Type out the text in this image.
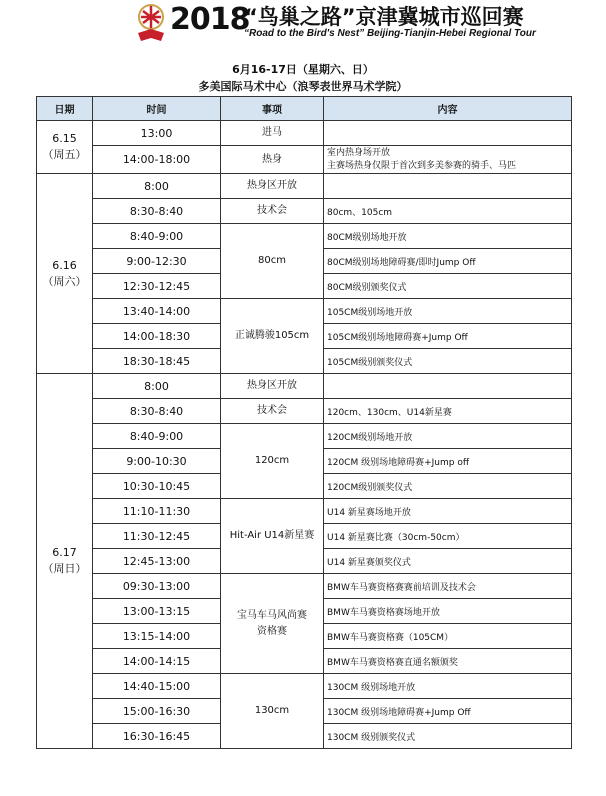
2018
“鸟巢之路”京津冀城市巡回赛
“Road to the Bird's Nest” Beijing-Tianjin-Hebei Regional Tour
6月16-17日（星期六、日）
多美国际马术中心（浪琴表世界马术学院）
日期	时间	事项	内容

6.15
（周五）	13:00	进马	
	14:00-18:00	热身	室内热身场开放
主赛场热身仅限于首次到多美参赛的骑手、马匹

6.16
（周六）	8:00	热身区开放	
	8:30-8:40	技术会	80cm、105cm
	8:40-9:00	80cm	80CM级别场地开放
	9:00-12:30		80CM级别场地障碍赛/即时Jump Off
	12:30-12:45		80CM级别颁奖仪式
	13:40-14:00	正诚腾骏105cm	105CM级别场地开放
	14:00-18:30		105CM级别场地障碍赛+Jump Off
	18:30-18:45		105CM级别颁奖仪式

6.17
（周日）	8:00	热身区开放	
	8:30-8:40	技术会	120cm、130cm、U14新星赛
	8:40-9:00	120cm	120CM级别场地开放
	9:00-10:30		120CM 级别场地障碍赛+Jump off
	10:30-10:45		120CM级别颁奖仪式
	11:10-11:30	Hit-Air U14新星赛	U14 新星赛场地开放
	11:30-12:45		U14 新星赛比赛（30cm-50cm）
	12:45-13:00		U14 新星赛颁奖仪式
	09:30-13:00	宝马车马风尚赛
资格赛	BMW车马赛资格赛赛前培训及技术会
	13:00-13:15		BMW车马赛资格赛场地开放
	13:15-14:00		BMW车马赛资格赛（105CM）
	14:00-14:15		BMW车马赛资格赛直通名额颁奖
	14:40-15:00	130cm	130CM 级别场地开放
	15:00-16:30		130CM 级别场地障碍赛+Jump Off
	16:30-16:45		130CM 级别颁奖仪式
